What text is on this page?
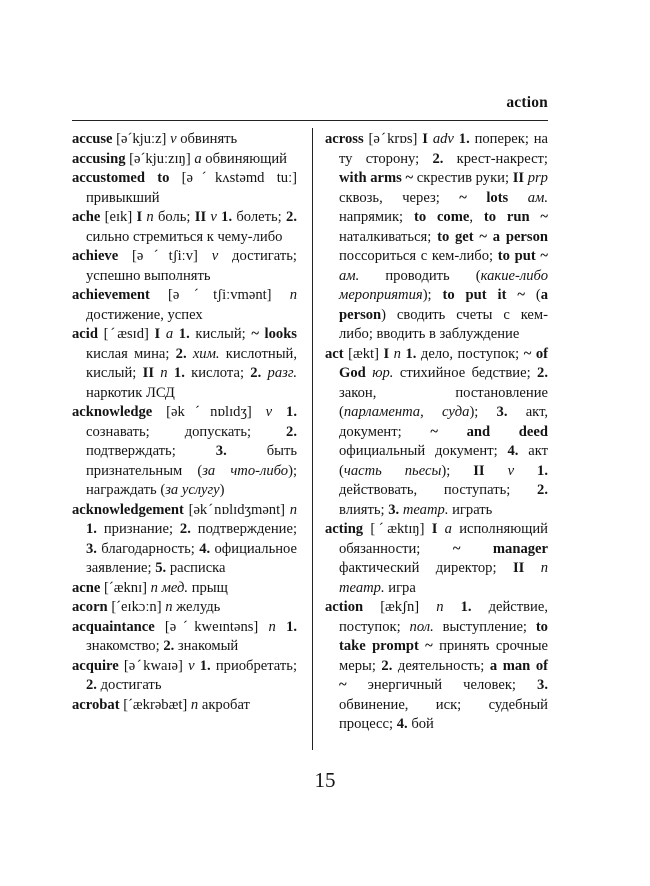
action

accuse [əˊkjuːz] v обвинять

accusing [əˊkjuːzɪŋ] a обвиняющий

accustomed to [əˊkʌstəmd tuː] привыкший

ache [eɪk] I n боль; II v 1. болеть; 2. сильно стремиться к чему-либо

achieve [əˊtʃiːv] v достигать; успешно выполнять

achievement [əˊtʃiːvmənt] n достижение, успех

acid [ˊæsɪd] I a 1. кислый; ~ looks кислая мина; 2. хим. кислотный, кислый; II n 1. кислота; 2. разг. наркотик ЛСД

acknowledge [əkˊnɒlɪdʒ] v 1. сознавать; допускать; 2. подтверждать; 3. быть признательным (за что-либо); награждать (за услугу)

acknowledgement [əkˊnɒlɪdʒmənt] n 1. признание; 2. подтверждение; 3. благодарность; 4. официальное заявление; 5. расписка

acne [ˊæknɪ] n мед. прыщ

acorn [ˊeɪkɔːn] n желудь

acquaintance [əˊkweɪntəns] n 1. знакомство; 2. знакомый

acquire [əˊkwaɪə] v 1. приобретать; 2. достигать

acrobat [ˊækrəbæt] n акробат

across [əˊkrɒs] I adv 1. поперек; на ту сторону; 2. крест-накрест; with arms ~ скрестив руки; II prp сквозь, через; ~ lots ам. напрямик; to come, to run ~ наталкиваться; to get ~ a person поссориться с кем-либо; to put ~ ам. проводить (какие-либо мероприятия); to put it ~ (a person) сводить счеты с кем-либо; вводить в заблуждение

act [ækt] I n 1. дело, поступок; ~ of God юр. стихийное бедствие; 2. закон, постановление (парламента, суда); 3. акт, документ; ~ and deed официальный документ; 4. акт (часть пьесы); II v 1. действовать, поступать; 2. влиять; 3. театр. играть

acting [ˊæktɪŋ] I a исполняющий обязанности; ~ manager фактический директор; II n театр. игра

action [ækʃn] n 1. действие, поступок; пол. выступление; to take prompt ~ принять срочные меры; 2. деятельность; a man of ~ энергичный человек; 3. обвинение, иск; судебный процесс; 4. бой

15
